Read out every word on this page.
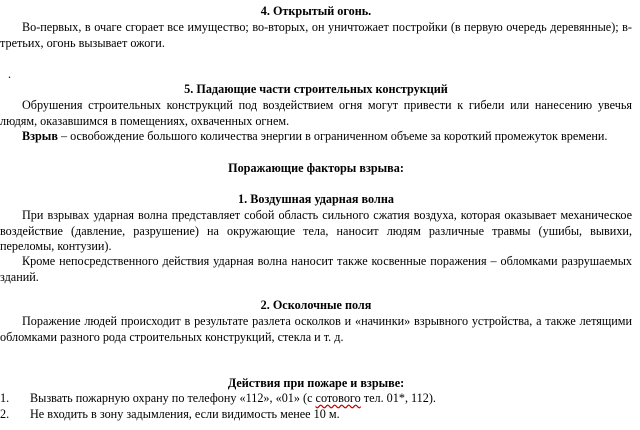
4. Открытый огонь.

Во-первых, в очаге сгорает все имущество; во-вторых, он уничтожает постройки (в первую очередь деревянные); в-третьих, огонь вызывает ожоги.

.

5. Падающие части строительных конструкций

Обрушения строительных конструкций под воздействием огня могут привести к гибели или нанесению увечья людям, оказавшимся в помещениях, охваченных огнем.

Взрыв – освобождение большого количества энергии в ограниченном объеме за короткий промежуток времени.

Поражающие факторы взрыва:

1. Воздушная ударная волна

При взрывах ударная волна представляет собой область сильного сжатия воздуха, которая оказывает механическое воздействие (давление, разрушение) на окружающие тела, наносит людям различные травмы (ушибы, вывихи, переломы, контузии).

Кроме непосредственного действия ударная волна наносит также косвенные поражения – обломками разрушаемых зданий.

2. Осколочные поля

Поражение людей происходит в результате разлета осколков и «начинки» взрывного устройства, а также летящими обломками разного рода строительных конструкций, стекла и т. д.

Действия при пожаре и взрыве:

1.	Вызвать пожарную охрану по телефону «112», «01» (с сотового тел. 01*, 112).
2.	Не входить в зону задымления, если видимость менее 10 м.
